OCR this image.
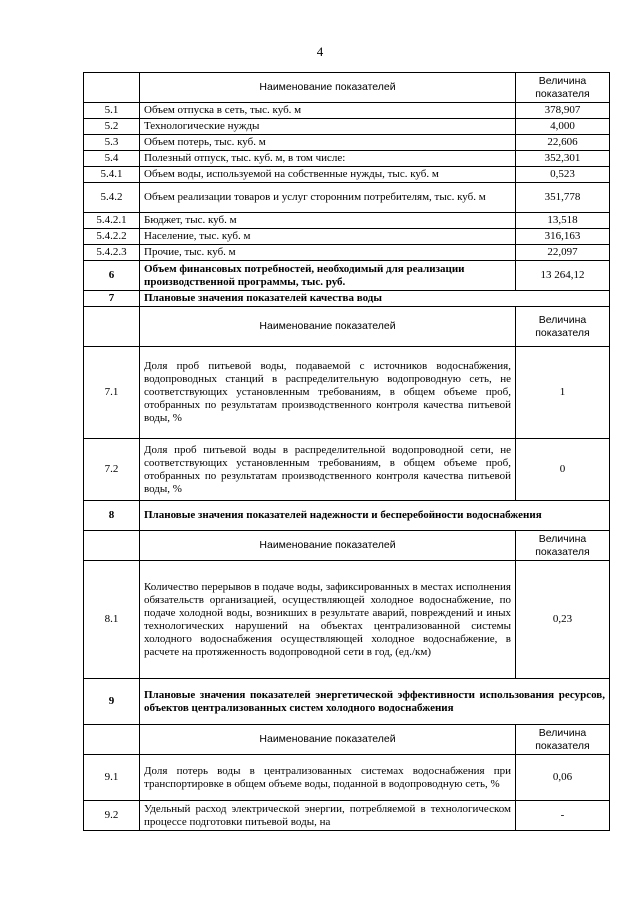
4
	Наименование показателей	Величина показателя
5.1	Объем отпуска в сеть, тыс. куб. м	378,907
5.2	Технологические нужды	4,000
5.3	Объем потерь, тыс. куб. м	22,606
5.4	Полезный отпуск, тыс. куб. м, в том числе:	352,301
5.4.1	Объем воды, используемой на собственные нужды, тыс. куб. м	0,523
5.4.2	Объем реализации товаров и услуг сторонним потребителям, тыс. куб. м	351,778
5.4.2.1	Бюджет, тыс. куб. м	13,518
5.4.2.2	Население, тыс. куб. м	316,163
5.4.2.3	Прочие, тыс. куб. м	22,097
6	Объем финансовых потребностей, необходимый для реализации производственной программы, тыс. руб.	13 264,12
7	Плановые значения показателей качества воды	
	Наименование показателей	Величина показателя
7.1	Доля проб питьевой воды, подаваемой с источников водоснабжения, водопроводных станций в распределительную водопроводную сеть, не соответствующих установленным требованиям, в общем объеме проб, отобранных по результатам производственного контроля качества питьевой воды, %	1
7.2	Доля проб питьевой воды в распределительной водопроводной сети, не соответствующих установленным требованиям, в общем объеме проб, отобранных по результатам производственного контроля качества питьевой воды, %	0
8	Плановые значения показателей надежности и бесперебойности водоснабжения	
	Наименование показателей	Величина показателя
8.1	Количество перерывов в подаче воды, зафиксированных в местах исполнения обязательств организацией, осуществляющей холодное водоснабжение, по подаче холодной воды, возникших в результате аварий, повреждений и иных технологических нарушений на объектах централизованной системы холодного водоснабжения осуществляющей холодное водоснабжение, в расчете на протяженность водопроводной сети в год, (ед./км)	0,23
9	Плановые значения показателей энергетической эффективности использования ресурсов, объектов централизованных систем холодного водоснабжения	
	Наименование показателей	Величина показателя
9.1	Доля потерь воды в централизованных системах водоснабжения при транспортировке в общем объеме воды, поданной в водопроводную сеть, %	0,06
9.2	Удельный расход электрической энергии, потребляемой в технологическом процессе подготовки питьевой воды, на	-
